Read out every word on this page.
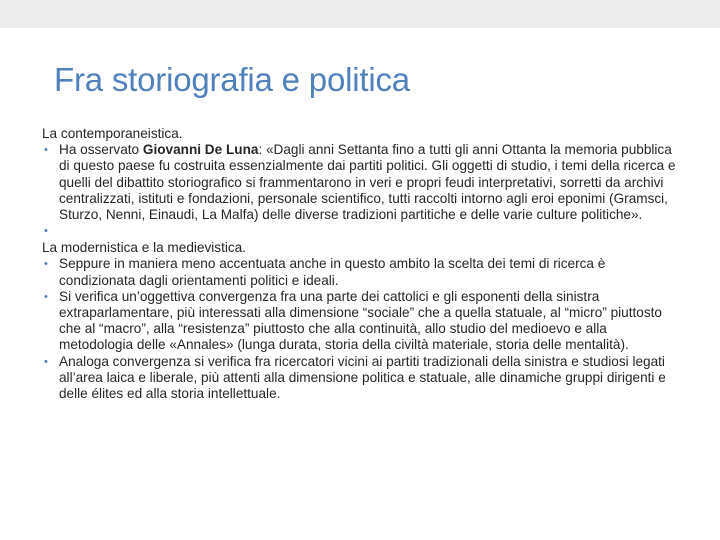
Fra storiografia e politica
La contemporaneistica.
• Ha osservato Giovanni De Luna: «Dagli anni Settanta fino a tutti gli anni Ottanta la memoria pubblica di questo paese fu costruita essenzialmente dai partiti politici. Gli oggetti di studio, i temi della ricerca e quelli del dibattito storiografico si frammentarono in veri e propri feudi interpretativi, sorretti da archivi centralizzati, istituti e fondazioni, personale scientifico, tutti raccolti intorno agli eroi eponimi (Gramsci, Sturzo, Nenni, Einaudi, La Malfa) delle diverse tradizioni partitiche e delle varie culture politiche».
•
La modernistica e la medievistica.
• Seppure in maniera meno accentuata anche in questo ambito la scelta dei temi di ricerca è condizionata dagli orientamenti politici e ideali.
• Si verifica un’oggettiva convergenza fra una parte dei cattolici e gli esponenti della sinistra extraparlamentare, più interessati alla dimensione “sociale” che a quella statuale, al “micro” piuttosto che al “macro”, alla “resistenza” piuttosto che alla continuità, allo studio del medioevo e alla metodologia delle «Annales» (lunga durata, storia della civiltà materiale, storia delle mentalità).
• Analoga convergenza si verifica fra ricercatori vicini ai partiti tradizionali della sinistra e studiosi legati all’area laica e liberale, più attenti alla dimensione politica e statuale, alle dinamiche gruppi dirigenti e delle élites ed alla storia intellettuale.
